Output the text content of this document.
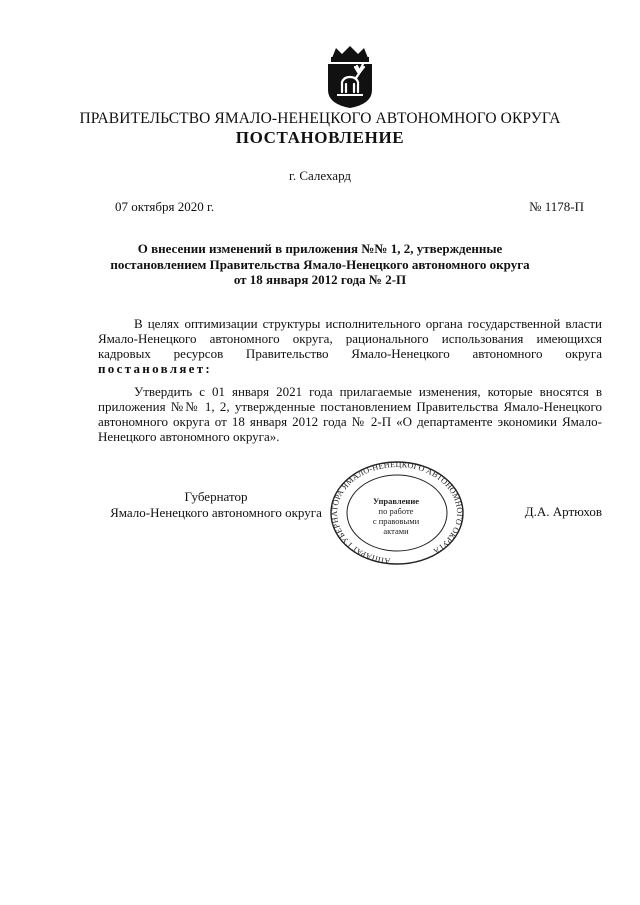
ПРАВИТЕЛЬСТВО ЯМАЛО-НЕНЕЦКОГО АВТОНОМНОГО ОКРУГА
ПОСТАНОВЛЕНИЕ
г. Салехард
07 октября 2020 г.	№ 1178-П
О внесении изменений в приложения №№ 1, 2, утвержденные
постановлением Правительства Ямало-Ненецкого автономного округа
от 18 января 2012 года № 2-П
В целях оптимизации структуры исполнительного органа государственной власти Ямало-Ненецкого автономного округа, рационального использования имеющихся кадровых ресурсов Правительство Ямало-Ненецкого автономного округа постановляет:
Утвердить с 01 января 2021 года прилагаемые изменения, которые вносятся в приложения №№ 1, 2, утвержденные постановлением Правительства Ямало-Ненецкого автономного округа от 18 января 2012 года № 2-П «О департаменте экономики Ямало-Ненецкого автономного округа».
Губернатор
Ямало-Ненецкого автономного округа
АППАРАТ ГУБЕРНАТОРА ЯМАЛО-НЕНЕЦКОГО АВТОНОМНОГО ОКРУГА
Управление
по работе
с правовыми
актами
Д.А. Артюхов
